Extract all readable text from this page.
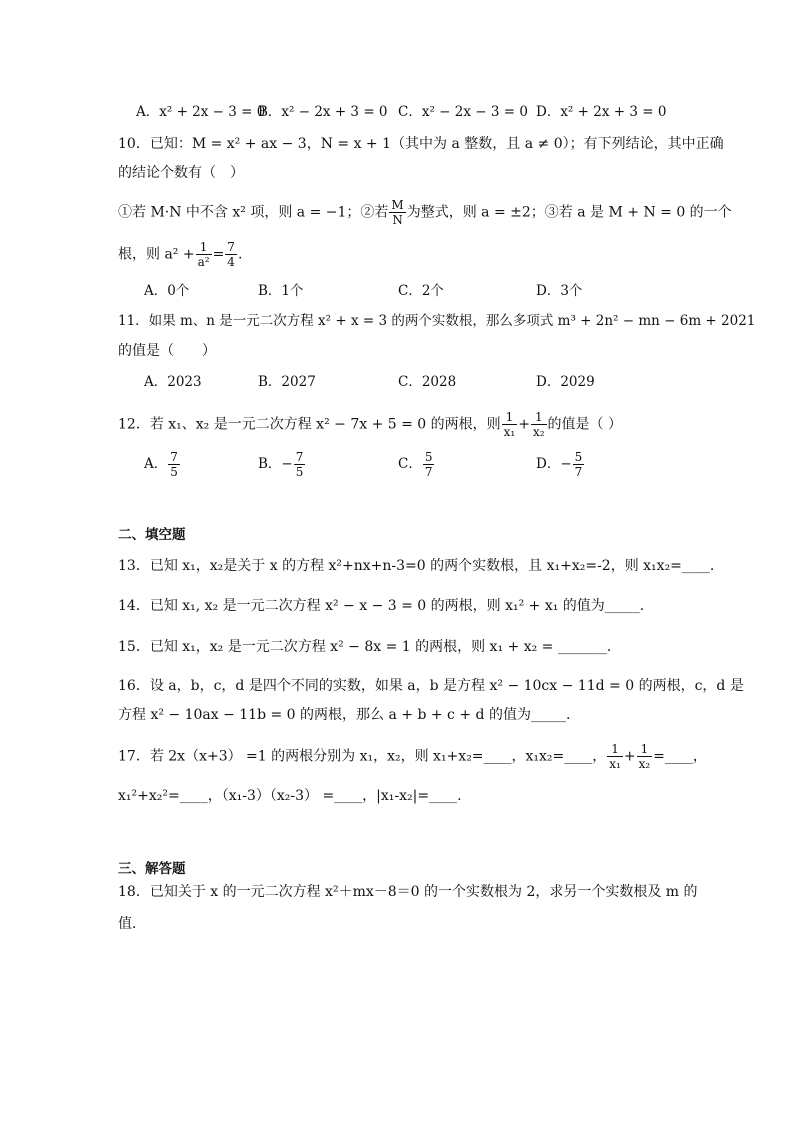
A．x² + 2x − 3 = 0
B．x² − 2x + 3 = 0 C．x² − 2x − 3 = 0 D．x² + 2x + 3 = 0
10．已知：M = x² + ax − 3，N = x + 1（其中为 a 整数，且 a ≠ 0）；有下列结论，其中正确
的结论个数有（　）
①若 M·N 中不含 x² 项，则 a = −1；②若 $\frac{M}{N}$ 为整式，则 a = ±2；③若 a 是 M + N = 0 的一个
根，则 $a^2 + \frac{1}{\text{a²}} = \frac{7}{4}$ .
A．0个	B．1个	C．2个	D．3个
11．如果 m、n 是一元二次方程 x² + x = 3 的两个实数根，那么多项式 m³ + 2n² − mn − 6m + 2021
的值是（　　）
A．2023	B．2027	C．2028	D．2029
12．若 x₁、x₂ 是一元二次方程 x² − 7x + 5 = 0 的两根，则 $\frac{1}{\text{x₁}} + \frac{1}{\text{x₂}}$ 的值是（ ）
A． $\frac{7}{5}$	B．− $\frac{7}{5}$	C． $\frac{5}{7}$	D．− $\frac{5}{7}$
二、填空题
13．已知 x₁，x₂是关于 x 的方程 x²+nx+n-3=0 的两个实数根，且 x₁+x₂=-2，则 x₁x₂=____.
14．已知 x₁, x₂ 是一元二次方程 x² − x − 3 = 0 的两根，则 x₁² + x₁ 的值为_____.
15．已知 x₁，x₂ 是一元二次方程 x² − 8x = 1 的两根，则 x₁ + x₂ = _______.
16．设 a，b，c，d 是四个不同的实数，如果 a，b 是方程 x² − 10cx − 11d = 0 的两根，c，d 是
方程 x² − 10ax − 11b = 0 的两根，那么 a + b + c + d 的值为_____.
17．若 2x（x+3） =1 的两根分别为 x₁，x₂，则 x₁+x₂=____，x₁x₂=____， $\frac{1}{\text{x₁}} + \frac{1}{\text{x₂}}$ =____，
x₁²+x₂²=____，（x₁-3）（x₂-3） =____，|x₁-x₂|=____.
三、解答题
18．已知关于 x 的一元二次方程 x²＋mx－8＝0 的一个实数根为 2，求另一个实数根及 m 的
值．
